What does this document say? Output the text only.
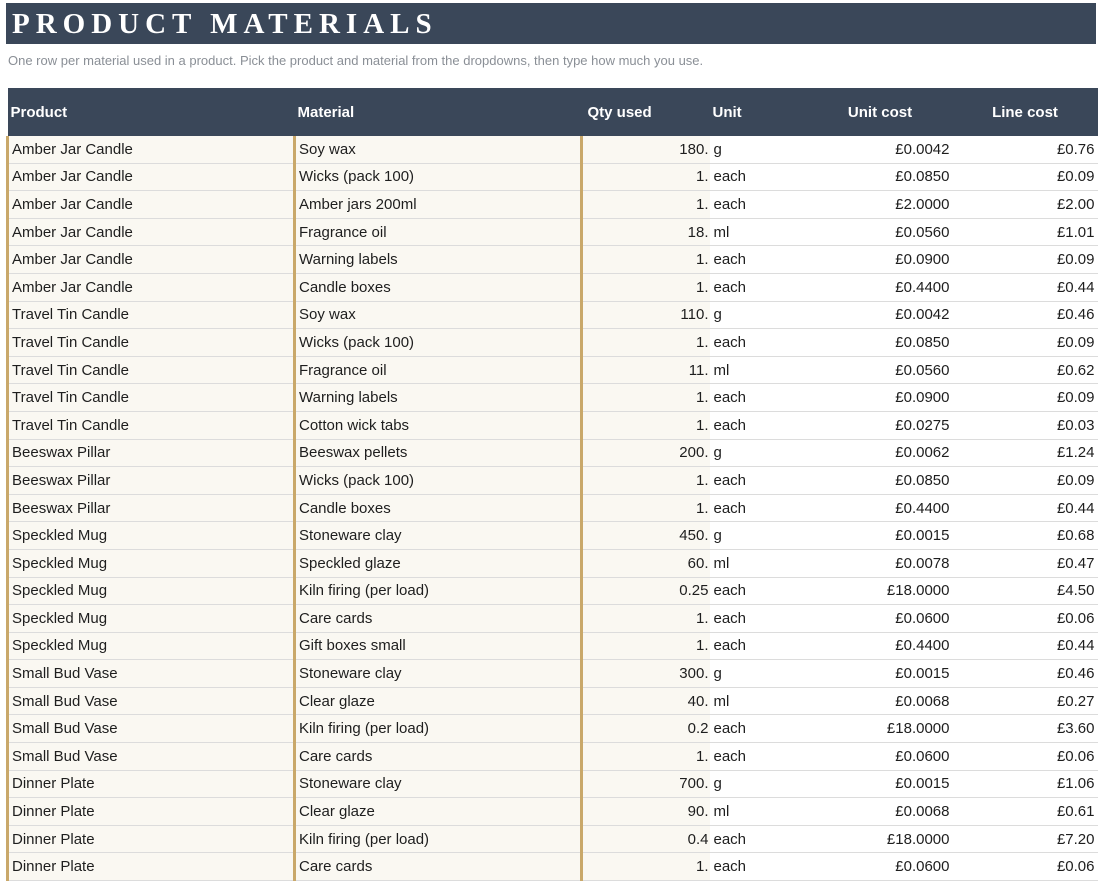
PRODUCT MATERIALS
One row per material used in a product. Pick the product and material from the dropdowns, then type how much you use.
Product	Material	Qty used	Unit	Unit cost	Line cost
Amber Jar Candle	Soy wax	180.	g	£0.0042	£0.76
Amber Jar Candle	Wicks (pack 100)	1.	each	£0.0850	£0.09
Amber Jar Candle	Amber jars 200ml	1.	each	£2.0000	£2.00
Amber Jar Candle	Fragrance oil	18.	ml	£0.0560	£1.01
Amber Jar Candle	Warning labels	1.	each	£0.0900	£0.09
Amber Jar Candle	Candle boxes	1.	each	£0.4400	£0.44
Travel Tin Candle	Soy wax	110.	g	£0.0042	£0.46
Travel Tin Candle	Wicks (pack 100)	1.	each	£0.0850	£0.09
Travel Tin Candle	Fragrance oil	11.	ml	£0.0560	£0.62
Travel Tin Candle	Warning labels	1.	each	£0.0900	£0.09
Travel Tin Candle	Cotton wick tabs	1.	each	£0.0275	£0.03
Beeswax Pillar	Beeswax pellets	200.	g	£0.0062	£1.24
Beeswax Pillar	Wicks (pack 100)	1.	each	£0.0850	£0.09
Beeswax Pillar	Candle boxes	1.	each	£0.4400	£0.44
Speckled Mug	Stoneware clay	450.	g	£0.0015	£0.68
Speckled Mug	Speckled glaze	60.	ml	£0.0078	£0.47
Speckled Mug	Kiln firing (per load)	0.25	each	£18.0000	£4.50
Speckled Mug	Care cards	1.	each	£0.0600	£0.06
Speckled Mug	Gift boxes small	1.	each	£0.4400	£0.44
Small Bud Vase	Stoneware clay	300.	g	£0.0015	£0.46
Small Bud Vase	Clear glaze	40.	ml	£0.0068	£0.27
Small Bud Vase	Kiln firing (per load)	0.2	each	£18.0000	£3.60
Small Bud Vase	Care cards	1.	each	£0.0600	£0.06
Dinner Plate	Stoneware clay	700.	g	£0.0015	£1.06
Dinner Plate	Clear glaze	90.	ml	£0.0068	£0.61
Dinner Plate	Kiln firing (per load)	0.4	each	£18.0000	£7.20
Dinner Plate	Care cards	1.	each	£0.0600	£0.06
